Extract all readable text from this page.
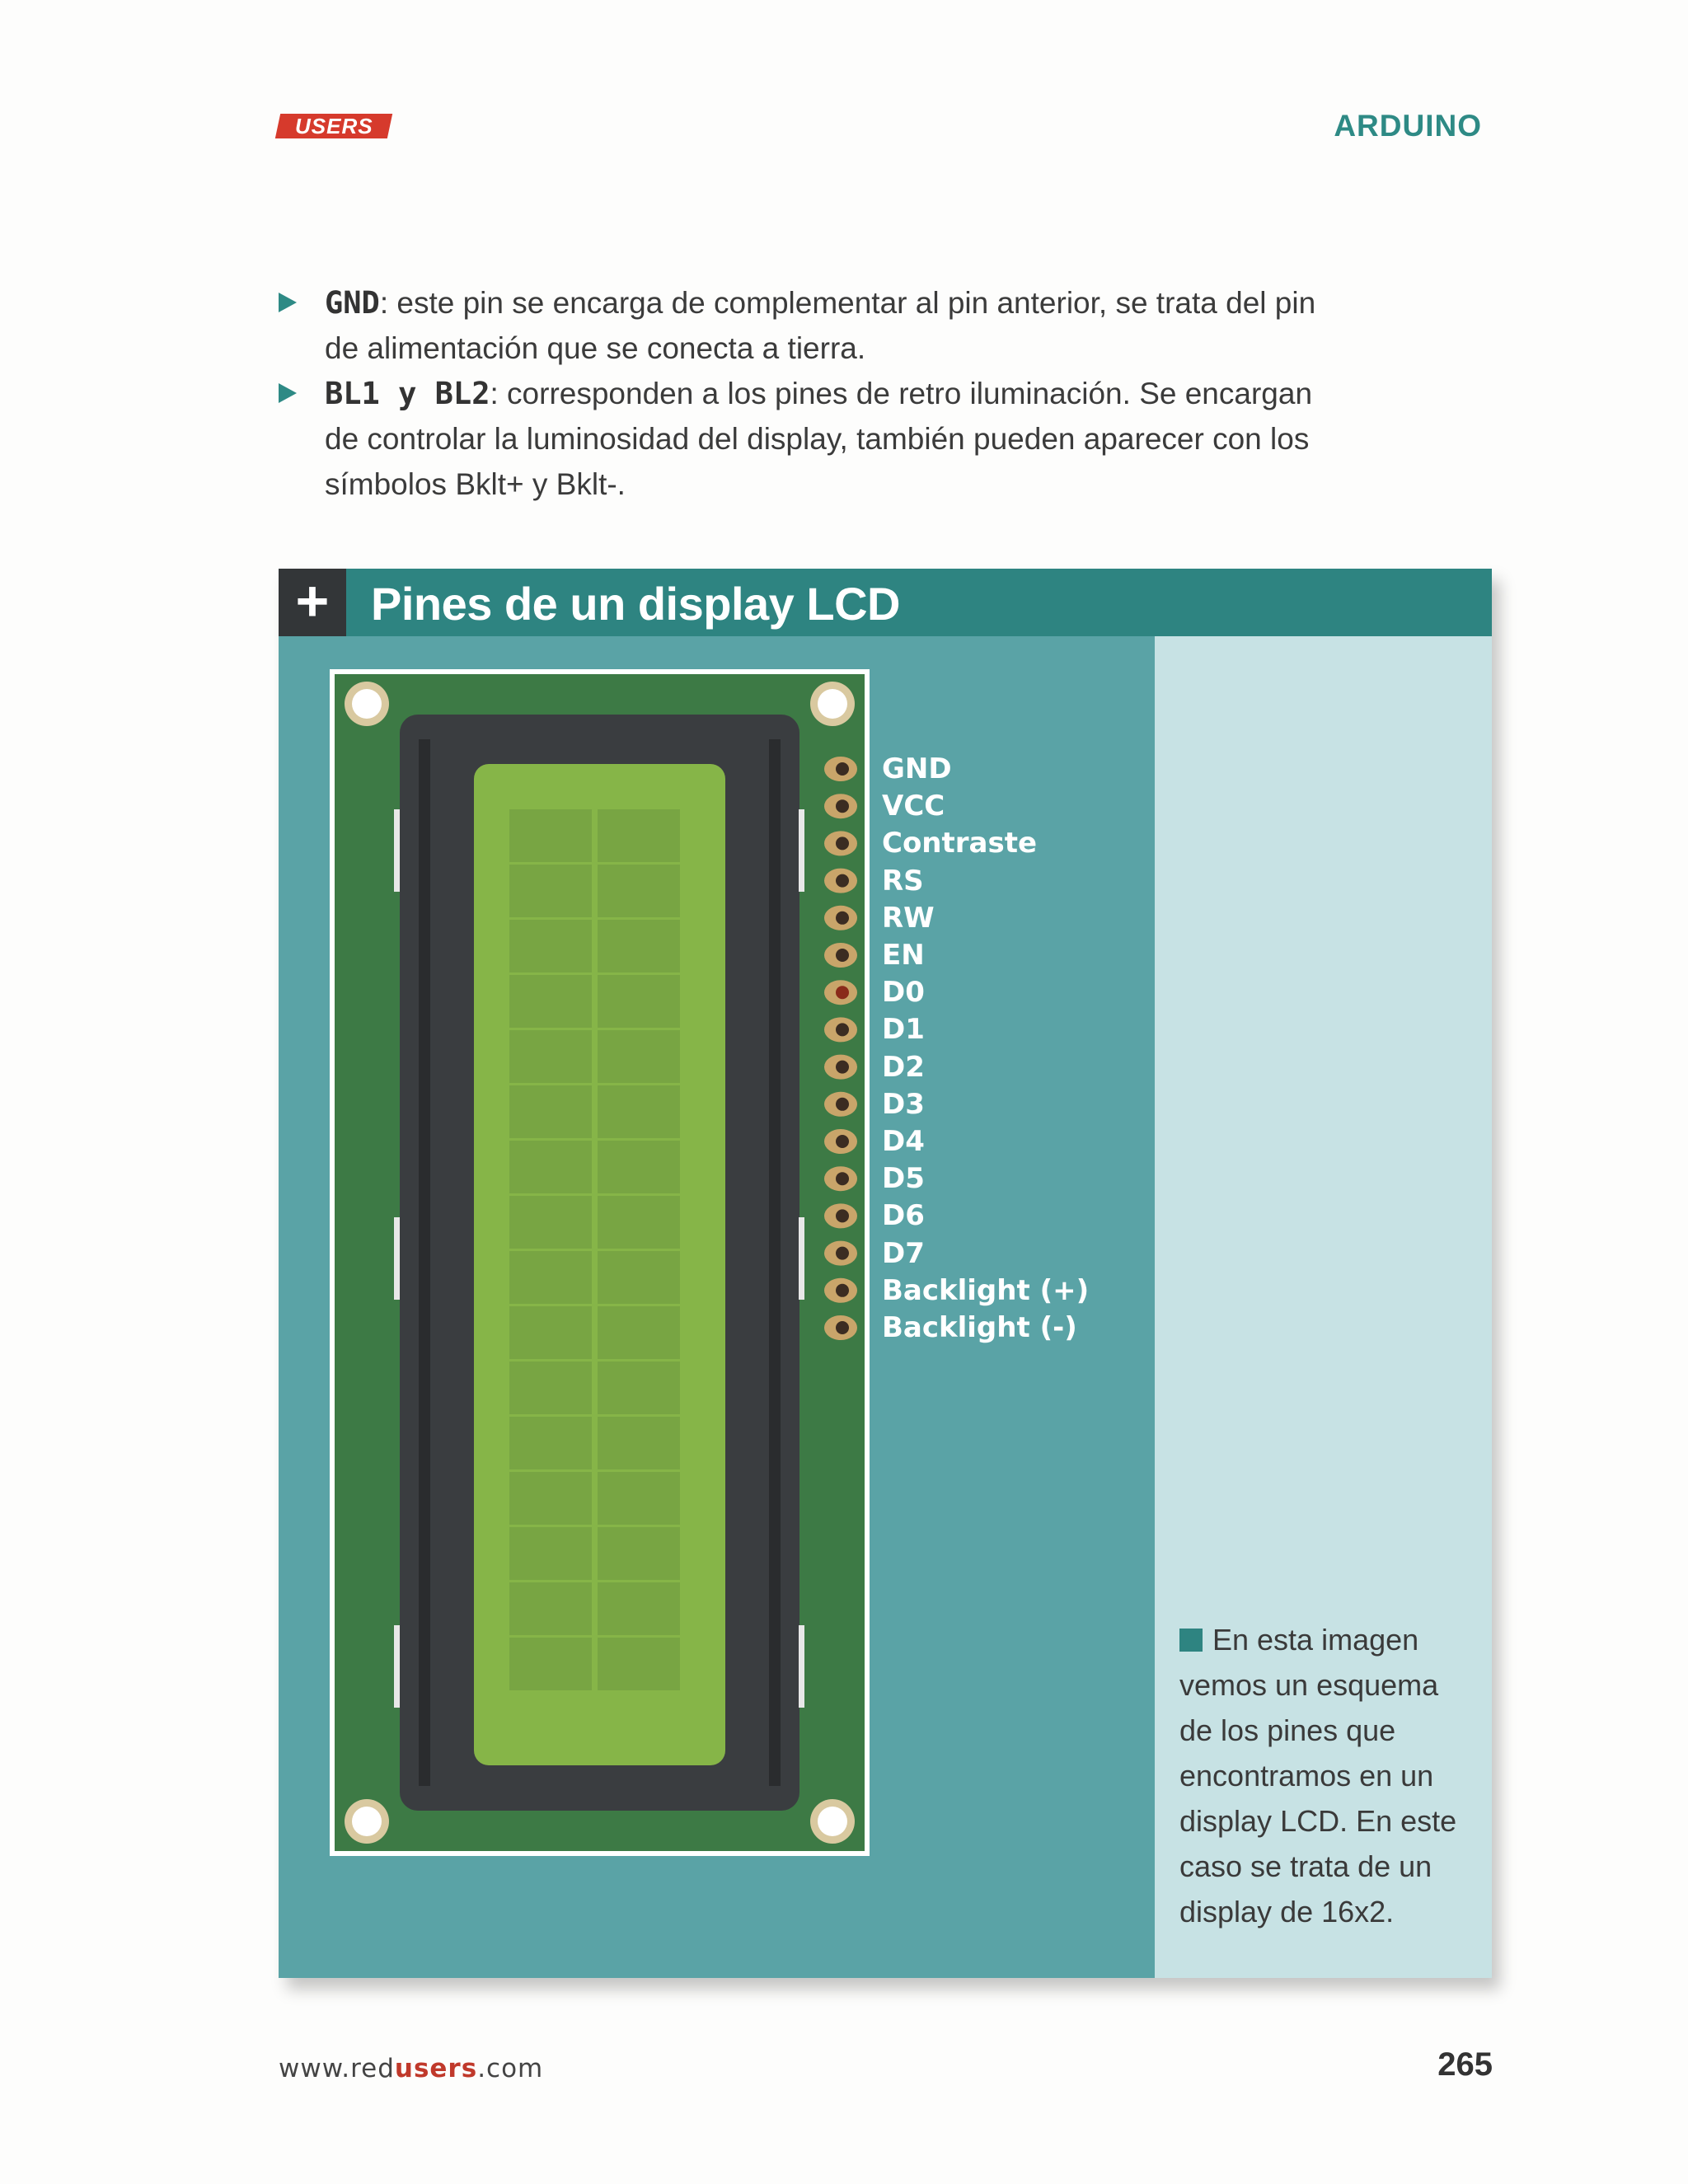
USERS	ARDUINO
GND: este pin se encarga de complementar al pin anterior, se trata del pin
de alimentación que se conecta a tierra.
BL1 y BL2: corresponden a los pines de retro iluminación. Se encargan
de controlar la luminosidad del display, también pueden aparecer con los
símbolos Bklt+ y Bklt-.
+ Pines de un display LCD
En esta imagen vemos un esquema de los pines que encontramos en un display LCD. En este caso se trata de un display de 16x2.
GND
VCC
Contraste
RS
RW
EN
D0
D1
D2
D3
D4
D5
D6
D7
Backlight (+)
Backlight (-)
www.redusers.com	265
